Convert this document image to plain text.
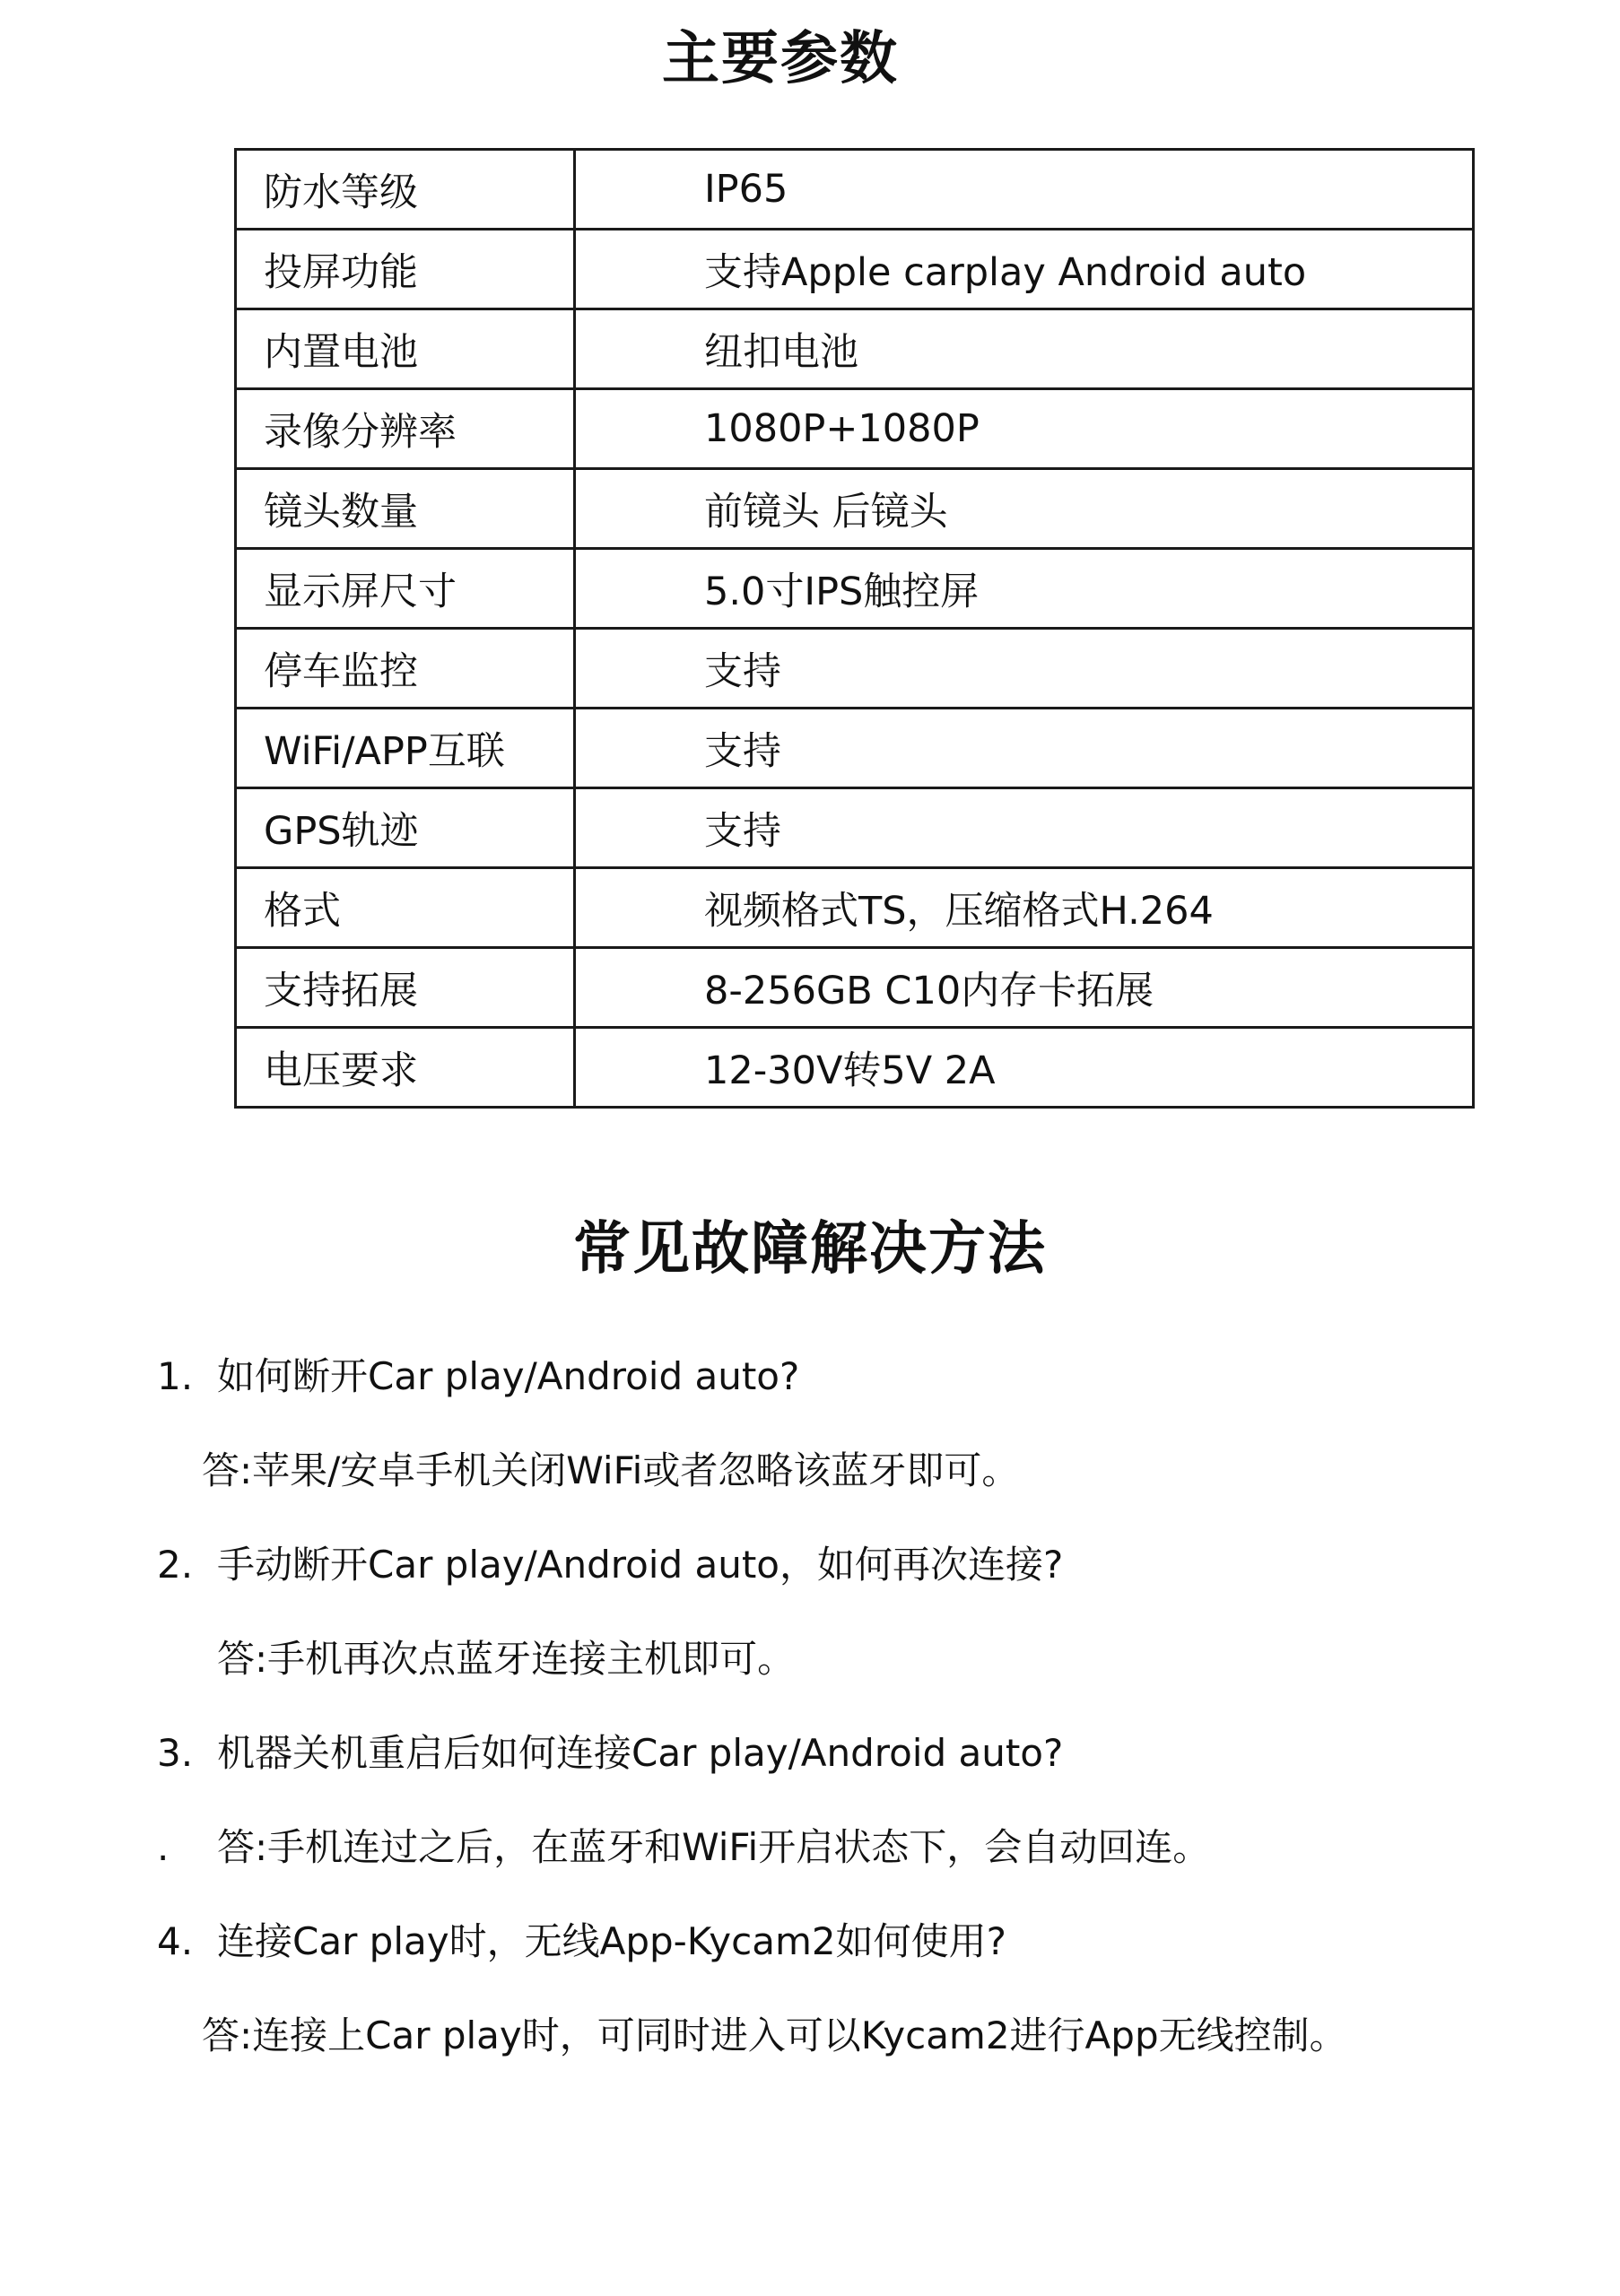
主要参数
防水等级	IP65
投屏功能	支持Apple carplay Android auto
内置电池	纽扣电池
录像分辨率	1080P+1080P
镜头数量	前镜头 后镜头
显示屏尺寸	5.0寸IPS触控屏
停车监控	支持
WiFi/APP互联	支持
GPS轨迹	支持
格式	视频格式TS，压缩格式H.264
支持拓展	8-256GB C10内存卡拓展
电压要求	12-30V转5V 2A
常见故障解决方法
1. 如何断开Car play/Android auto?
答:苹果/安卓手机关闭WiFi或者忽略该蓝牙即可。
2. 手动断开Car play/Android auto，如何再次连接?
答:手机再次点蓝牙连接主机即可。
3. 机器关机重启后如何连接Car play/Android auto?
. 答:手机连过之后，在蓝牙和WiFi开启状态下，会自动回连。
4. 连接Car play时，无线App-Kycam2如何使用?
答:连接上Car play时，可同时进入可以Kycam2进行App无线控制。
